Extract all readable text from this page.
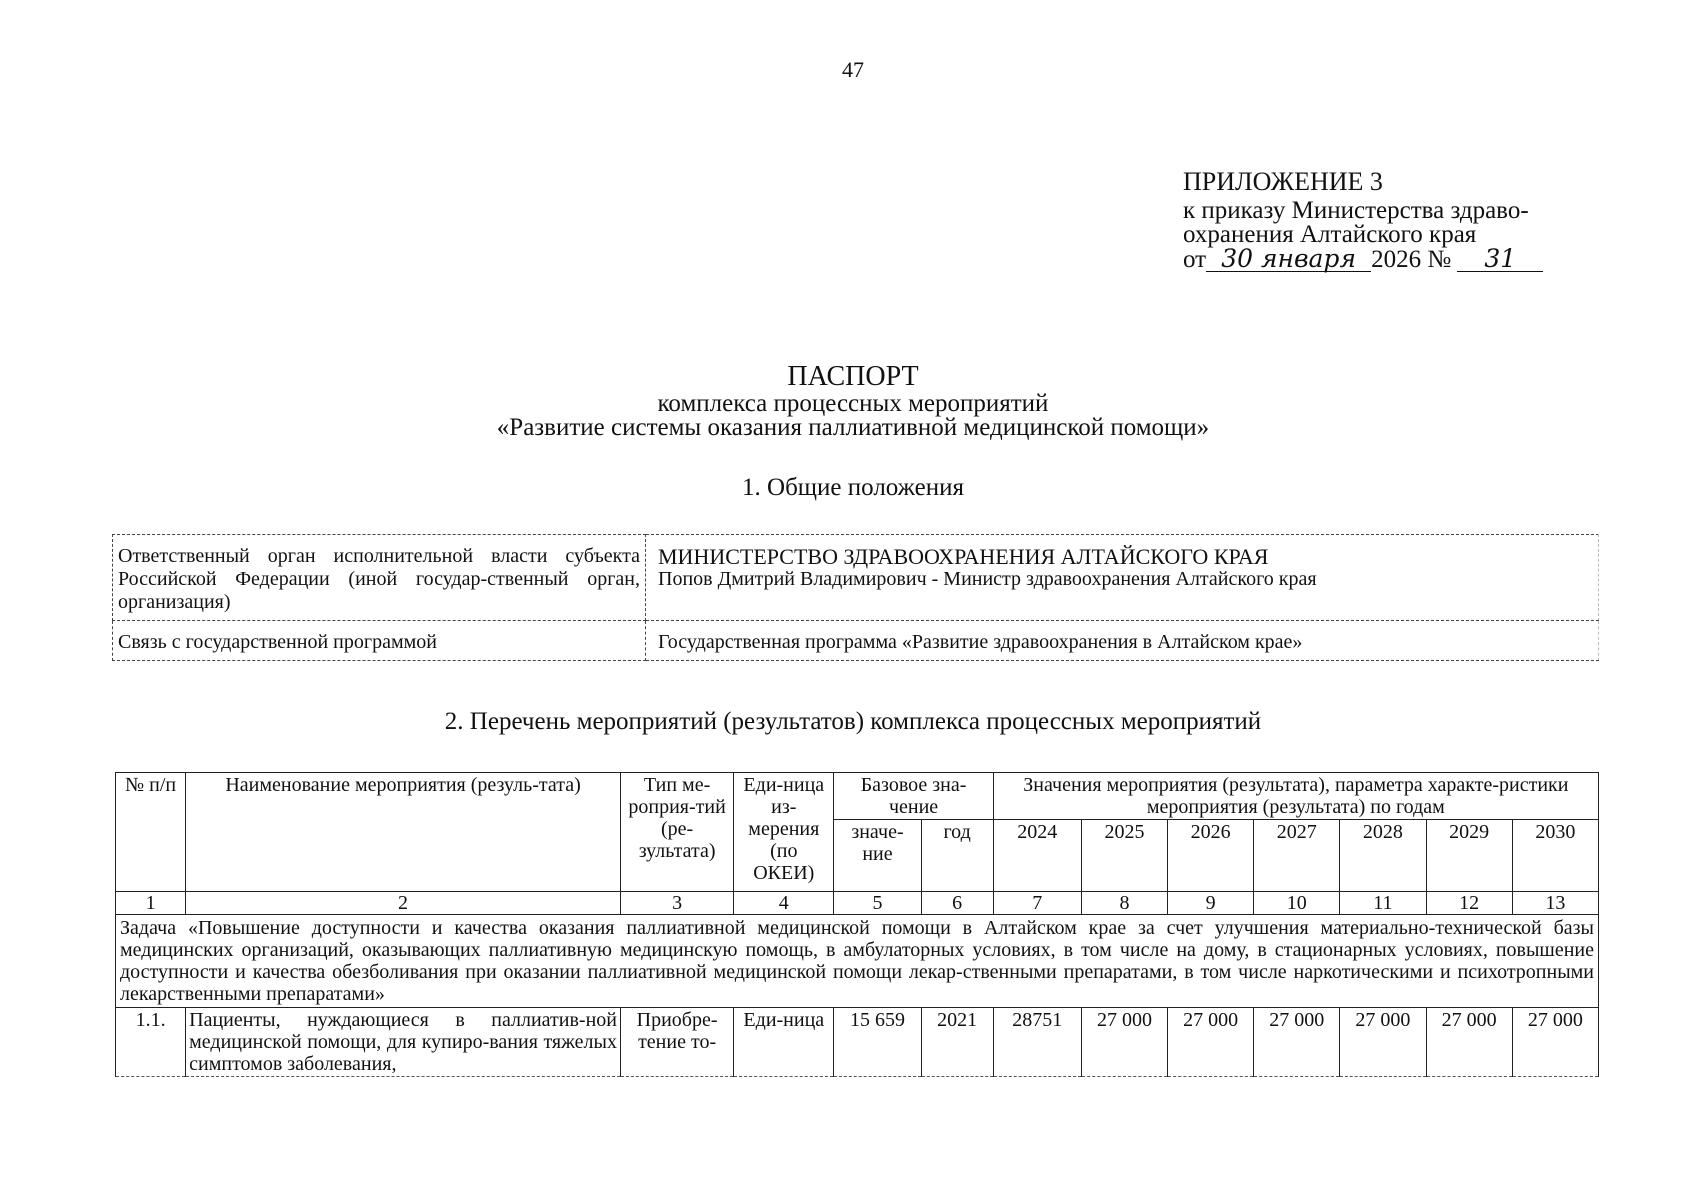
47
ПРИЛОЖЕНИЕ 3
к приказу Министерства здраво-
охранения Алтайского края
от 30 января 2026 №	31
ПАСПОРТ
комплекса процессных мероприятий
«Развитие системы оказания паллиативной медицинской помощи»
1. Общие положения
Ответственный орган исполнительной власти субъекта Российской Федерации (иной государ-ственный орган, организация)	МИНИСТЕРСТВО ЗДРАВООХРАНЕНИЯ АЛТАЙСКОГО КРАЯ
Попов Дмитрий Владимирович - Министр здравоохранения Алтайского края

Связь с государственной программой	Государственная программа «Развитие здравоохранения в Алтайском крае»
2. Перечень мероприятий (результатов) комплекса процессных мероприятий
№ п/п	Наименование мероприятия (резуль-тата)	Тип ме-роприя-тий (ре-зультата)	Еди-ница из-мерения (по ОКЕИ)	Базовое зна-чение		Значения мероприятия (результата), параметра характе-ристики мероприятия (результата) по годам						
				значе-ние	год	2024	2025	2026	2027	2028	2029	2030
1	2	3	4	5	6	7	8	9	10	11	12	13
Задача «Повышение доступности и качества оказания паллиативной медицинской помощи в Алтайском крае за счет улучшения материально-технической базы медицинских организаций, оказывающих паллиативную медицинскую помощь, в амбулаторных условиях, в том числе на дому, в стационарных условиях, повышение доступности и качества обезболивания при оказании паллиативной медицинской помощи лекар-ственными препаратами, в том числе наркотическими и психотропными лекарственными препаратами»												
1.1.	Пациенты, нуждающиеся в паллиатив-ной медицинской помощи, для купиро-вания тяжелых симптомов заболевания,	Приобре-тение то-	Еди-ница	15 659	2021	28751	27 000	27 000	27 000	27 000	27 000	27 000
